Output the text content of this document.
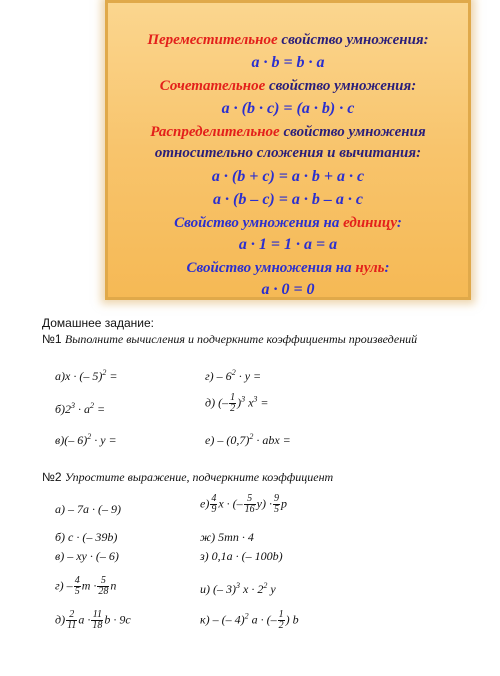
Переместительное свойство умножения:
a · b = b · a
Сочетательное свойство умножения:
a · (b · c) = (a · b) · c
Распределительное свойство умножения
относительно сложения и вычитания:
a · (b + c) = a · b + a · c
a · (b – c) = a · b – a · c
Свойство умножения на единицу:
a · 1 = 1 · a = a
Свойство умножения на нуль:
a · 0 = 0
Домашнее задание:
№1 Выполните вычисления и подчеркните коэффициенты произведений
а)x · (– 5)$^2$ =	$г) - 6^2 \cdot y$ =
$б)2^3 \cdot a^2$ =	д) (– $\frac{1}{2} )^3$ $x^3$ =
в)(– 6)$^2$ · y =	$е) - (0,7)^2$ · abx =
№2 Упростите выражение, подчеркните коэффициент
а) – 7a · (– 9)	$е) \frac{4}{9}$ x · (– $\frac{5}{16} y) \cdot \frac{9}{5}$ p
б) c · (– 39b)	ж) 5mn · 4
в) – xy · (– 6)	з) 0,1a · (– 100b)
$г) - \frac{4}{5}$ $m \cdot \frac{5}{28}$ n	и) (– 3)$^3$ $x \cdot 2^2$ y
$д) \frac{2}{11}$ $a \cdot \frac{11}{18}$ b · 9c	к) – (– 4)$^2$ a · (– $\frac{1}{2}$ ) b
